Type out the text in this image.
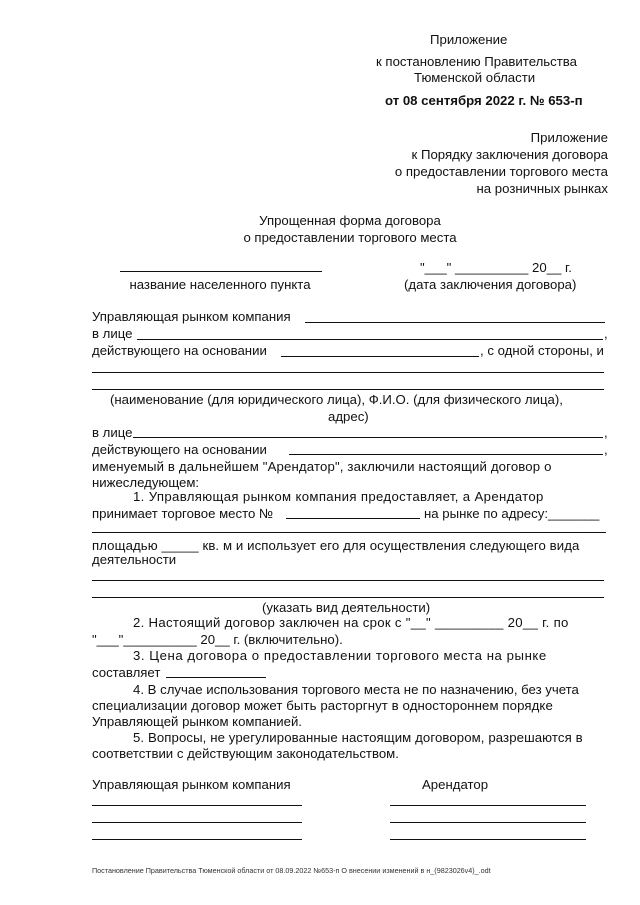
Приложение
к постановлению Правительства
Тюменской области
от 08 сентября 2022 г. № 653-п
Приложение
к Порядку заключения договора
о предоставлении торгового места
на розничных рынках
Упрощенная форма договора
о предоставлении торгового места
название населенного пункта
"___" __________ 20__ г.
(дата заключения договора)
Управляющая рынком компания
в лице	,
действующего на основании	, с одной стороны, и
(наименование (для юридического лица), Ф.И.О. (для физического лица),
адрес)
в лице	,
действующего на основании	,
именуемый в дальнейшем "Арендатор", заключили настоящий договор о
нижеследующем:
1. Управляющая рынком компания предоставляет, а Арендатор
принимает торговое место №	на рынке по адресу:_______
площадью _____ кв. м и использует его для осуществления следующего вида
деятельности
(указать вид деятельности)
2. Настоящий договор заключен на срок с "__" _________ 20__ г. по
"___"__________ 20__ г. (включительно).
3. Цена договора о предоставлении торгового места на рынке
составляет
4. В случае использования торгового места не по назначению, без учета
специализации договор может быть расторгнут в одностороннем порядке
Управляющей рынком компанией.
5. Вопросы, не урегулированные настоящим договором, разрешаются в
соответствии с действующим законодательством.
Управляющая рынком компания	Арендатор
Постановление Правительства Тюменской области от 08.09.2022 №653-п О внесении изменений в н_(9823026v4)_.odt
